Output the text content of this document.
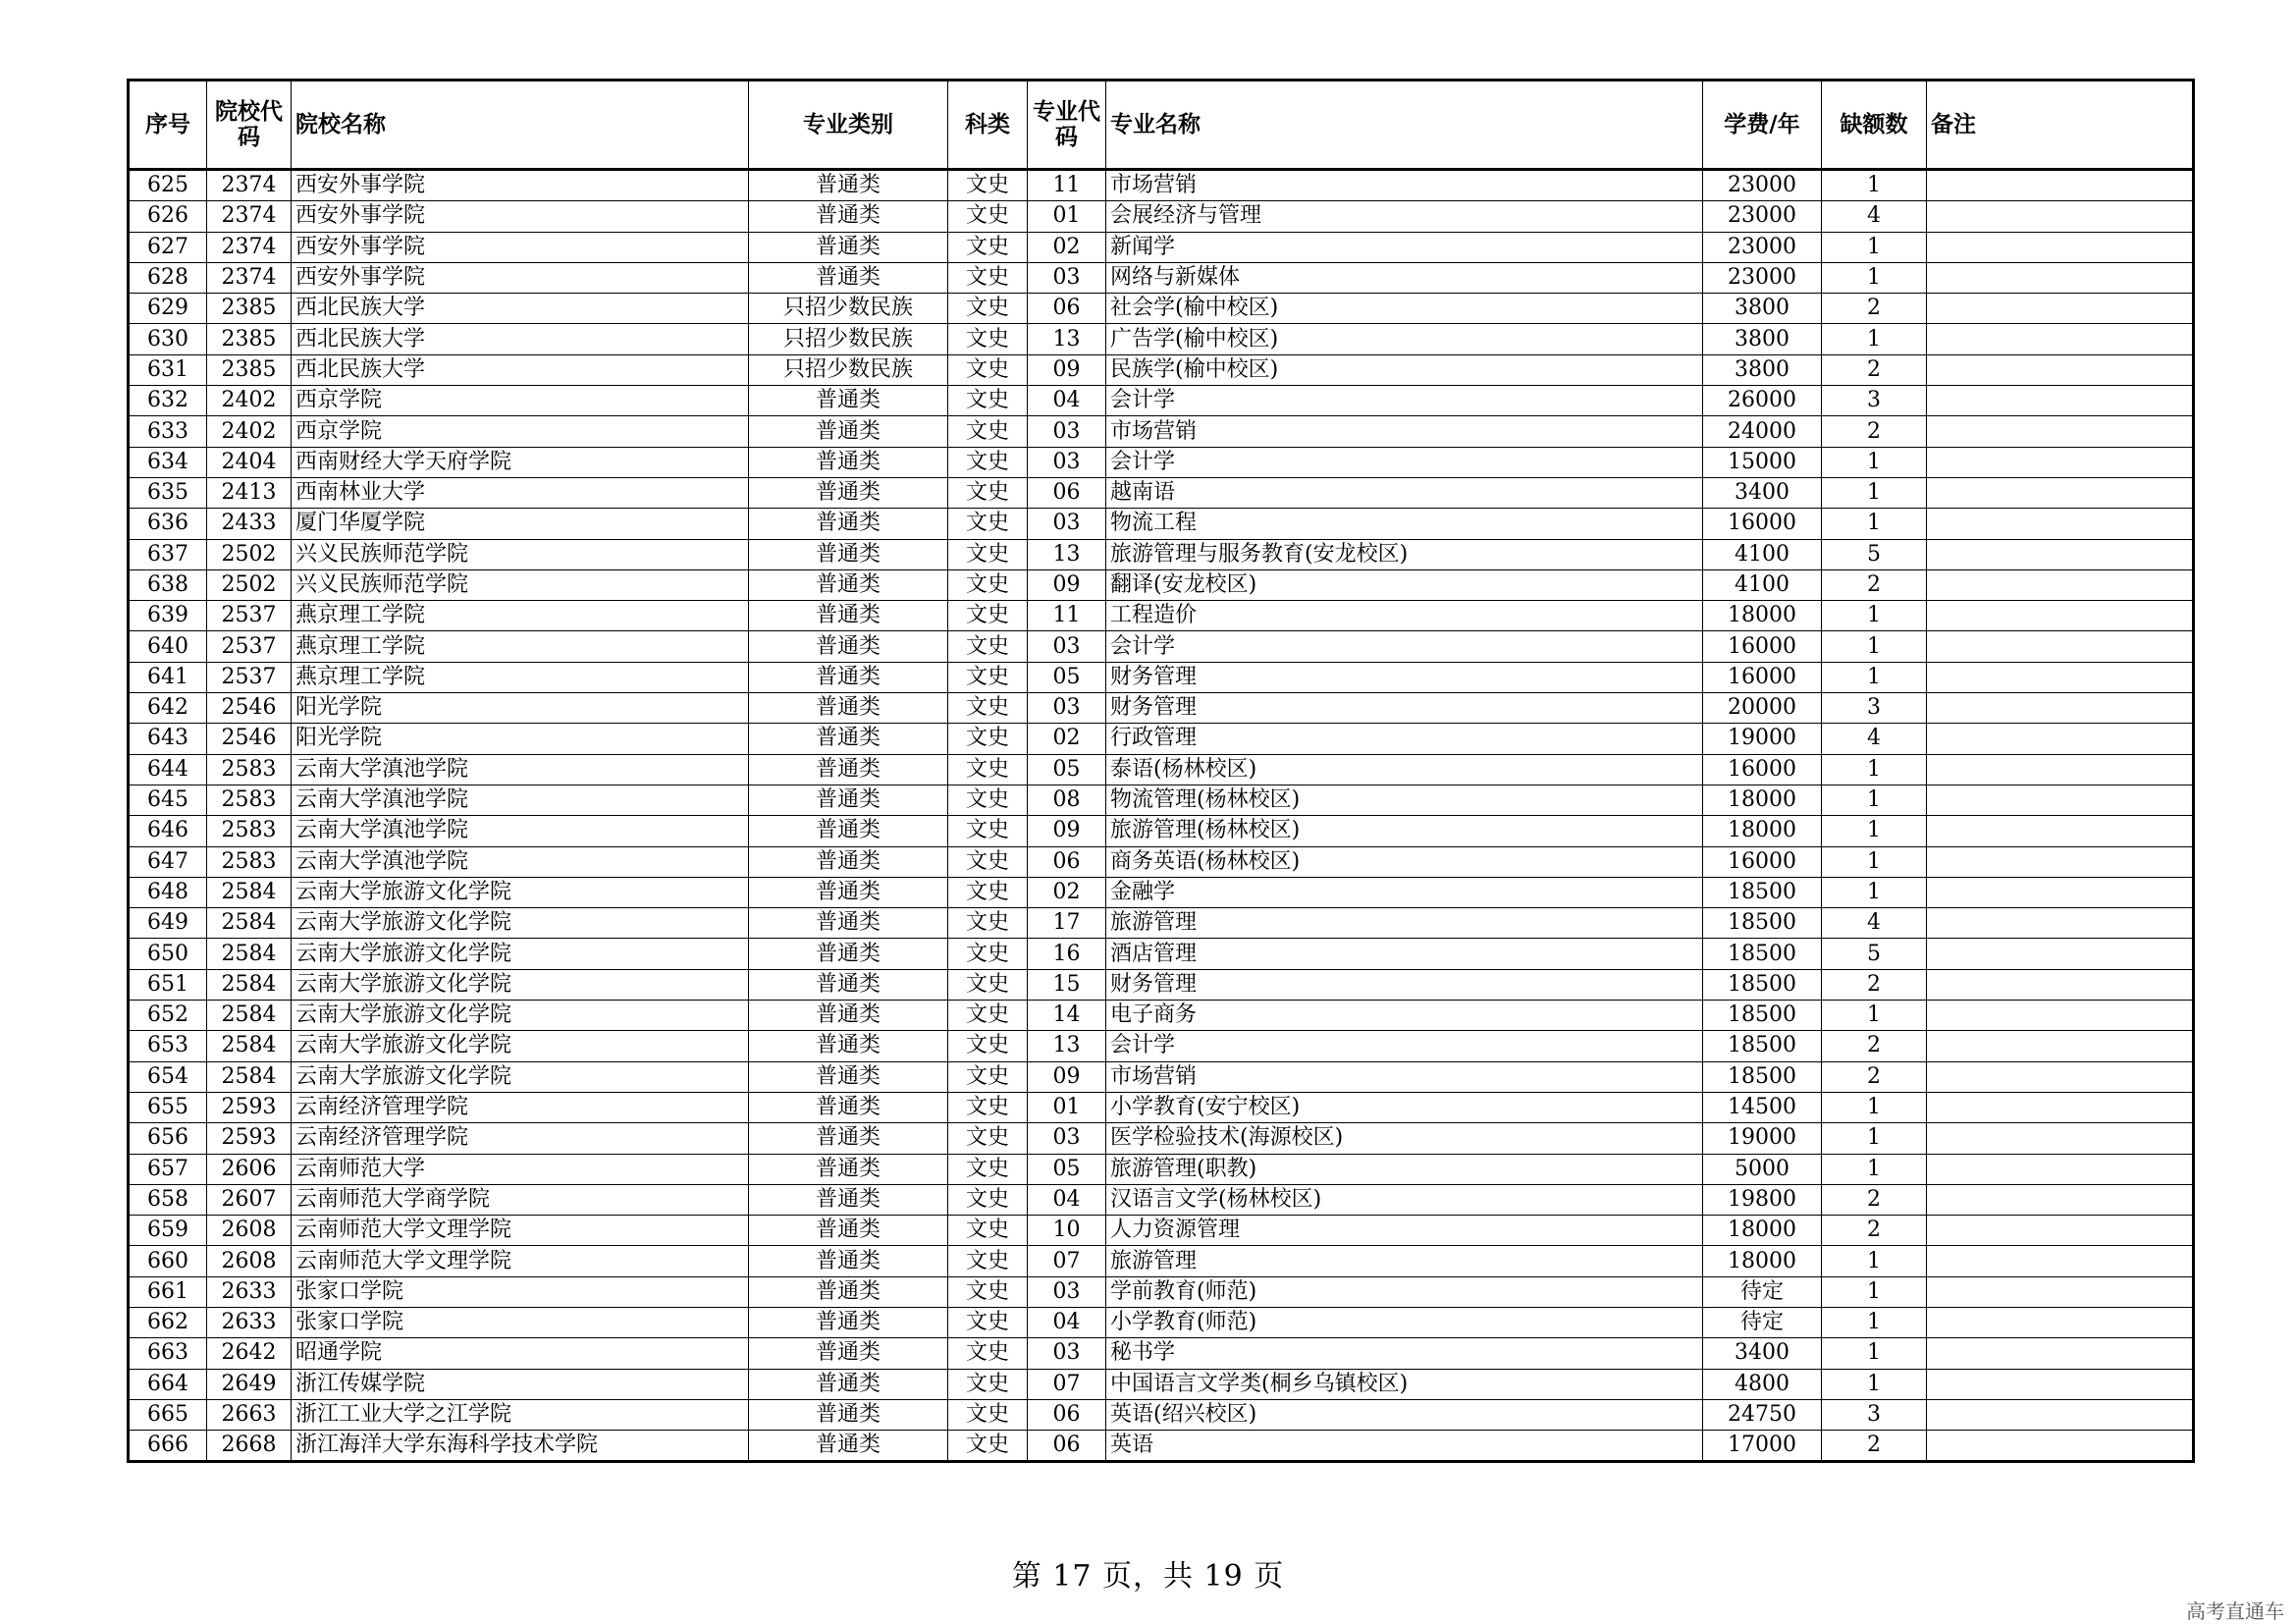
序号	院校代码	院校名称	专业类别	科类	专业代码	专业名称	学费/年	缺额数	备注
625	2374	西安外事学院	普通类	文史	11	市场营销	23000	1	
626	2374	西安外事学院	普通类	文史	01	会展经济与管理	23000	4	
627	2374	西安外事学院	普通类	文史	02	新闻学	23000	1	
628	2374	西安外事学院	普通类	文史	03	网络与新媒体	23000	1	
629	2385	西北民族大学	只招少数民族	文史	06	社会学(榆中校区)	3800	2	
630	2385	西北民族大学	只招少数民族	文史	13	广告学(榆中校区)	3800	1	
631	2385	西北民族大学	只招少数民族	文史	09	民族学(榆中校区)	3800	2	
632	2402	西京学院	普通类	文史	04	会计学	26000	3	
633	2402	西京学院	普通类	文史	03	市场营销	24000	2	
634	2404	西南财经大学天府学院	普通类	文史	03	会计学	15000	1	
635	2413	西南林业大学	普通类	文史	06	越南语	3400	1	
636	2433	厦门华厦学院	普通类	文史	03	物流工程	16000	1	
637	2502	兴义民族师范学院	普通类	文史	13	旅游管理与服务教育(安龙校区)	4100	5	
638	2502	兴义民族师范学院	普通类	文史	09	翻译(安龙校区)	4100	2	
639	2537	燕京理工学院	普通类	文史	11	工程造价	18000	1	
640	2537	燕京理工学院	普通类	文史	03	会计学	16000	1	
641	2537	燕京理工学院	普通类	文史	05	财务管理	16000	1	
642	2546	阳光学院	普通类	文史	03	财务管理	20000	3	
643	2546	阳光学院	普通类	文史	02	行政管理	19000	4	
644	2583	云南大学滇池学院	普通类	文史	05	泰语(杨林校区)	16000	1	
645	2583	云南大学滇池学院	普通类	文史	08	物流管理(杨林校区)	18000	1	
646	2583	云南大学滇池学院	普通类	文史	09	旅游管理(杨林校区)	18000	1	
647	2583	云南大学滇池学院	普通类	文史	06	商务英语(杨林校区)	16000	1	
648	2584	云南大学旅游文化学院	普通类	文史	02	金融学	18500	1	
649	2584	云南大学旅游文化学院	普通类	文史	17	旅游管理	18500	4	
650	2584	云南大学旅游文化学院	普通类	文史	16	酒店管理	18500	5	
651	2584	云南大学旅游文化学院	普通类	文史	15	财务管理	18500	2	
652	2584	云南大学旅游文化学院	普通类	文史	14	电子商务	18500	1	
653	2584	云南大学旅游文化学院	普通类	文史	13	会计学	18500	2	
654	2584	云南大学旅游文化学院	普通类	文史	09	市场营销	18500	2	
655	2593	云南经济管理学院	普通类	文史	01	小学教育(安宁校区)	14500	1	
656	2593	云南经济管理学院	普通类	文史	03	医学检验技术(海源校区)	19000	1	
657	2606	云南师范大学	普通类	文史	05	旅游管理(职教)	5000	1	
658	2607	云南师范大学商学院	普通类	文史	04	汉语言文学(杨林校区)	19800	2	
659	2608	云南师范大学文理学院	普通类	文史	10	人力资源管理	18000	2	
660	2608	云南师范大学文理学院	普通类	文史	07	旅游管理	18000	1	
661	2633	张家口学院	普通类	文史	03	学前教育(师范)	待定	1	
662	2633	张家口学院	普通类	文史	04	小学教育(师范)	待定	1	
663	2642	昭通学院	普通类	文史	03	秘书学	3400	1	
664	2649	浙江传媒学院	普通类	文史	07	中国语言文学类(桐乡乌镇校区)	4800	1	
665	2663	浙江工业大学之江学院	普通类	文史	06	英语(绍兴校区)	24750	3	
666	2668	浙江海洋大学东海科学技术学院	普通类	文史	06	英语	17000	2	
第 17 页，共 19 页
高考直通车
